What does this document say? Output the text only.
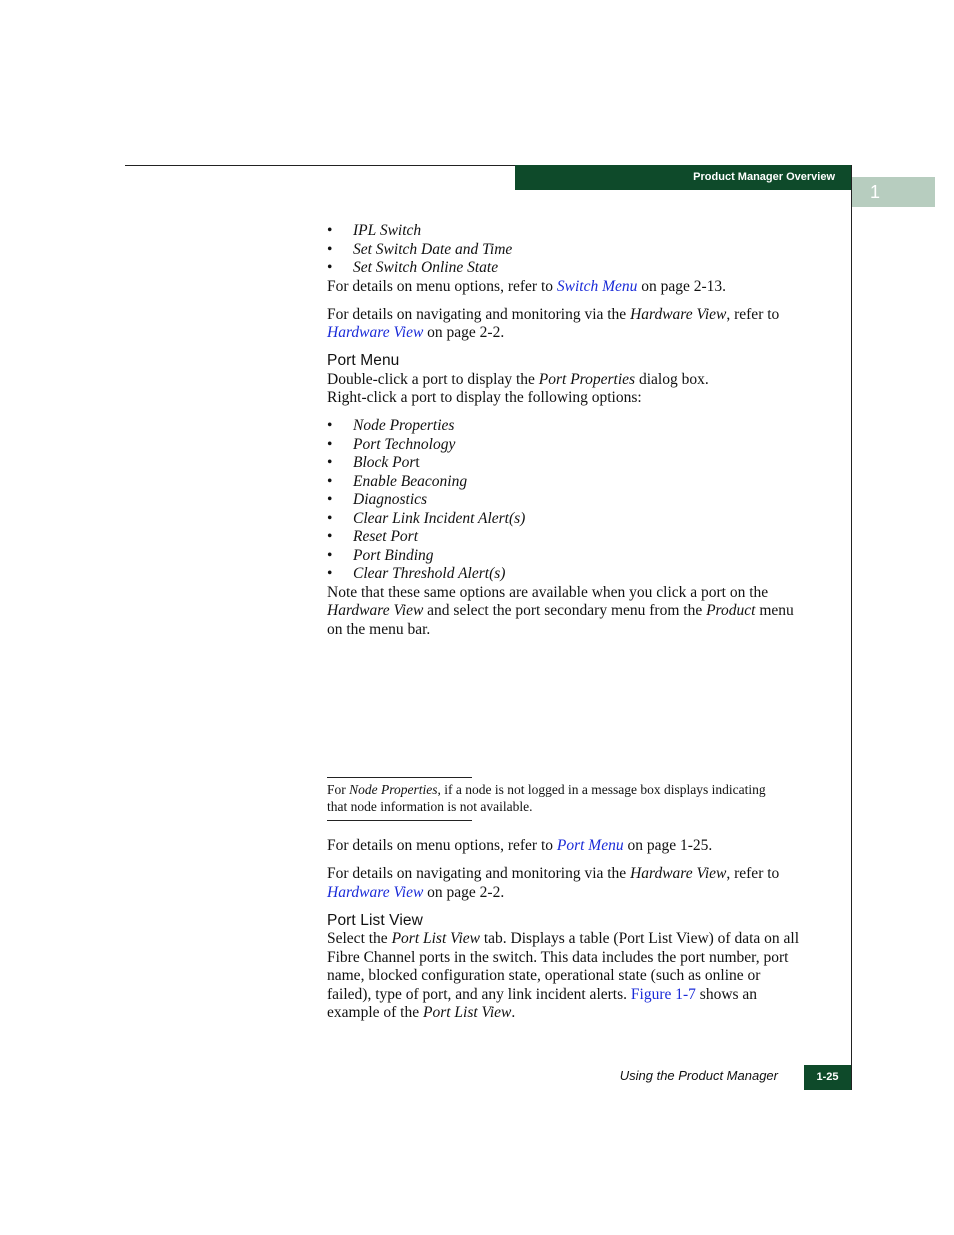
Product Manager Overview
1

• IPL Switch

• Set Switch Date and Time

• Set Switch Online State

For details on menu options, refer to Switch Menu on page 2-13.

For details on navigating and monitoring via the Hardware View, refer to Hardware View on page 2-2.

Port Menu

Double-click a port to display the Port Properties dialog box.

Right-click a port to display the following options:

• Node Properties

• Port Technology

• Block Port

• Enable Beaconing

• Diagnostics

• Clear Link Incident Alert(s)

• Reset Port

• Port Binding

• Clear Threshold Alert(s)

Note that these same options are available when you click a port on the Hardware View and select the port secondary menu from the Product menu on the menu bar.

For Node Properties, if a node is not logged in a message box displays indicating that node information is not available.

For details on menu options, refer to Port Menu on page 1-25.

For details on navigating and monitoring via the Hardware View, refer to Hardware View on page 2-2.

Port List View

Select the Port List View tab. Displays a table (Port List View) of data on all Fibre Channel ports in the switch. This data includes the port number, port name, blocked configuration state, operational state (such as online or failed), type of port, and any link incident alerts. Figure 1-7 shows an example of the Port List View.

Using the Product Manager	1-25
